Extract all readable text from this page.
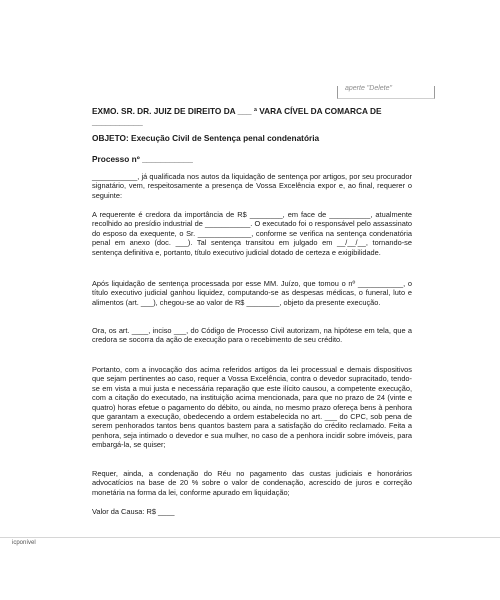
aperte "Delete"

EXMO. SR. DR. JUIZ DE DIREITO DA ___ ª VARA CÍVEL DA COMARCA DE ___________

OBJETO: Execução Civil de Sentença penal condenatória

Processo nº ___________

___________, já qualificada nos autos da liquidação de sentença por artigos, por seu procurador signatário, vem, respeitosamente a presença de Vossa Excelência expor e, ao final, requerer o seguinte:

A requerente é credora da importância de R$ ________, em face de __________, atualmente recolhido ao presídio industrial de ___________. O executado foi o responsável pelo assassinato do esposo da exequente, o Sr. _____________, conforme se verifica na sentença condenatória penal em anexo (doc. ___). Tal sentença transitou em julgado em __/__/__, tornando-se sentença definitiva e, portanto, título executivo judicial dotado de certeza e exigibilidade.

Após liquidação de sentença processada por esse MM. Juízo, que tomou o nº ___________, o título executivo judicial ganhou liquidez, computando-se as despesas médicas, o funeral, luto e alimentos (art. ___), chegou-se ao valor de R$ ________, objeto da presente execução.

Ora, os art. ____, inciso ___, do Código de Processo Civil autorizam, na hipótese em tela, que a credora se socorra da ação de execução para o recebimento de seu crédito.

Portanto, com a invocação dos acima referidos artigos da lei processual e demais dispositivos que sejam pertinentes ao caso, requer a Vossa Excelência, contra o devedor supracitado, tendo-se em vista a mui justa e necessária reparação que este ilícito causou, a competente execução, com a citação do executado, na instituição acima mencionada, para que no prazo de 24 (vinte e quatro) horas efetue o pagamento do débito, ou ainda, no mesmo prazo ofereça bens à penhora que garantam a execução, obedecendo a ordem estabelecida no art. ___ do CPC, sob pena de serem penhorados tantos bens quantos bastem para a satisfação do crédito reclamado. Feita a penhora, seja intimado o devedor e sua mulher, no caso de a penhora incidir sobre imóveis, para embargá-la, se quiser;

Requer, ainda, a condenação do Réu no pagamento das custas judiciais e honorários advocatícios na base de 20 % sobre o valor de condenação, acrescido de juros e correção monetária na forma da lei, conforme apurado em liquidação;

Valor da Causa: R$ ____

icponível
